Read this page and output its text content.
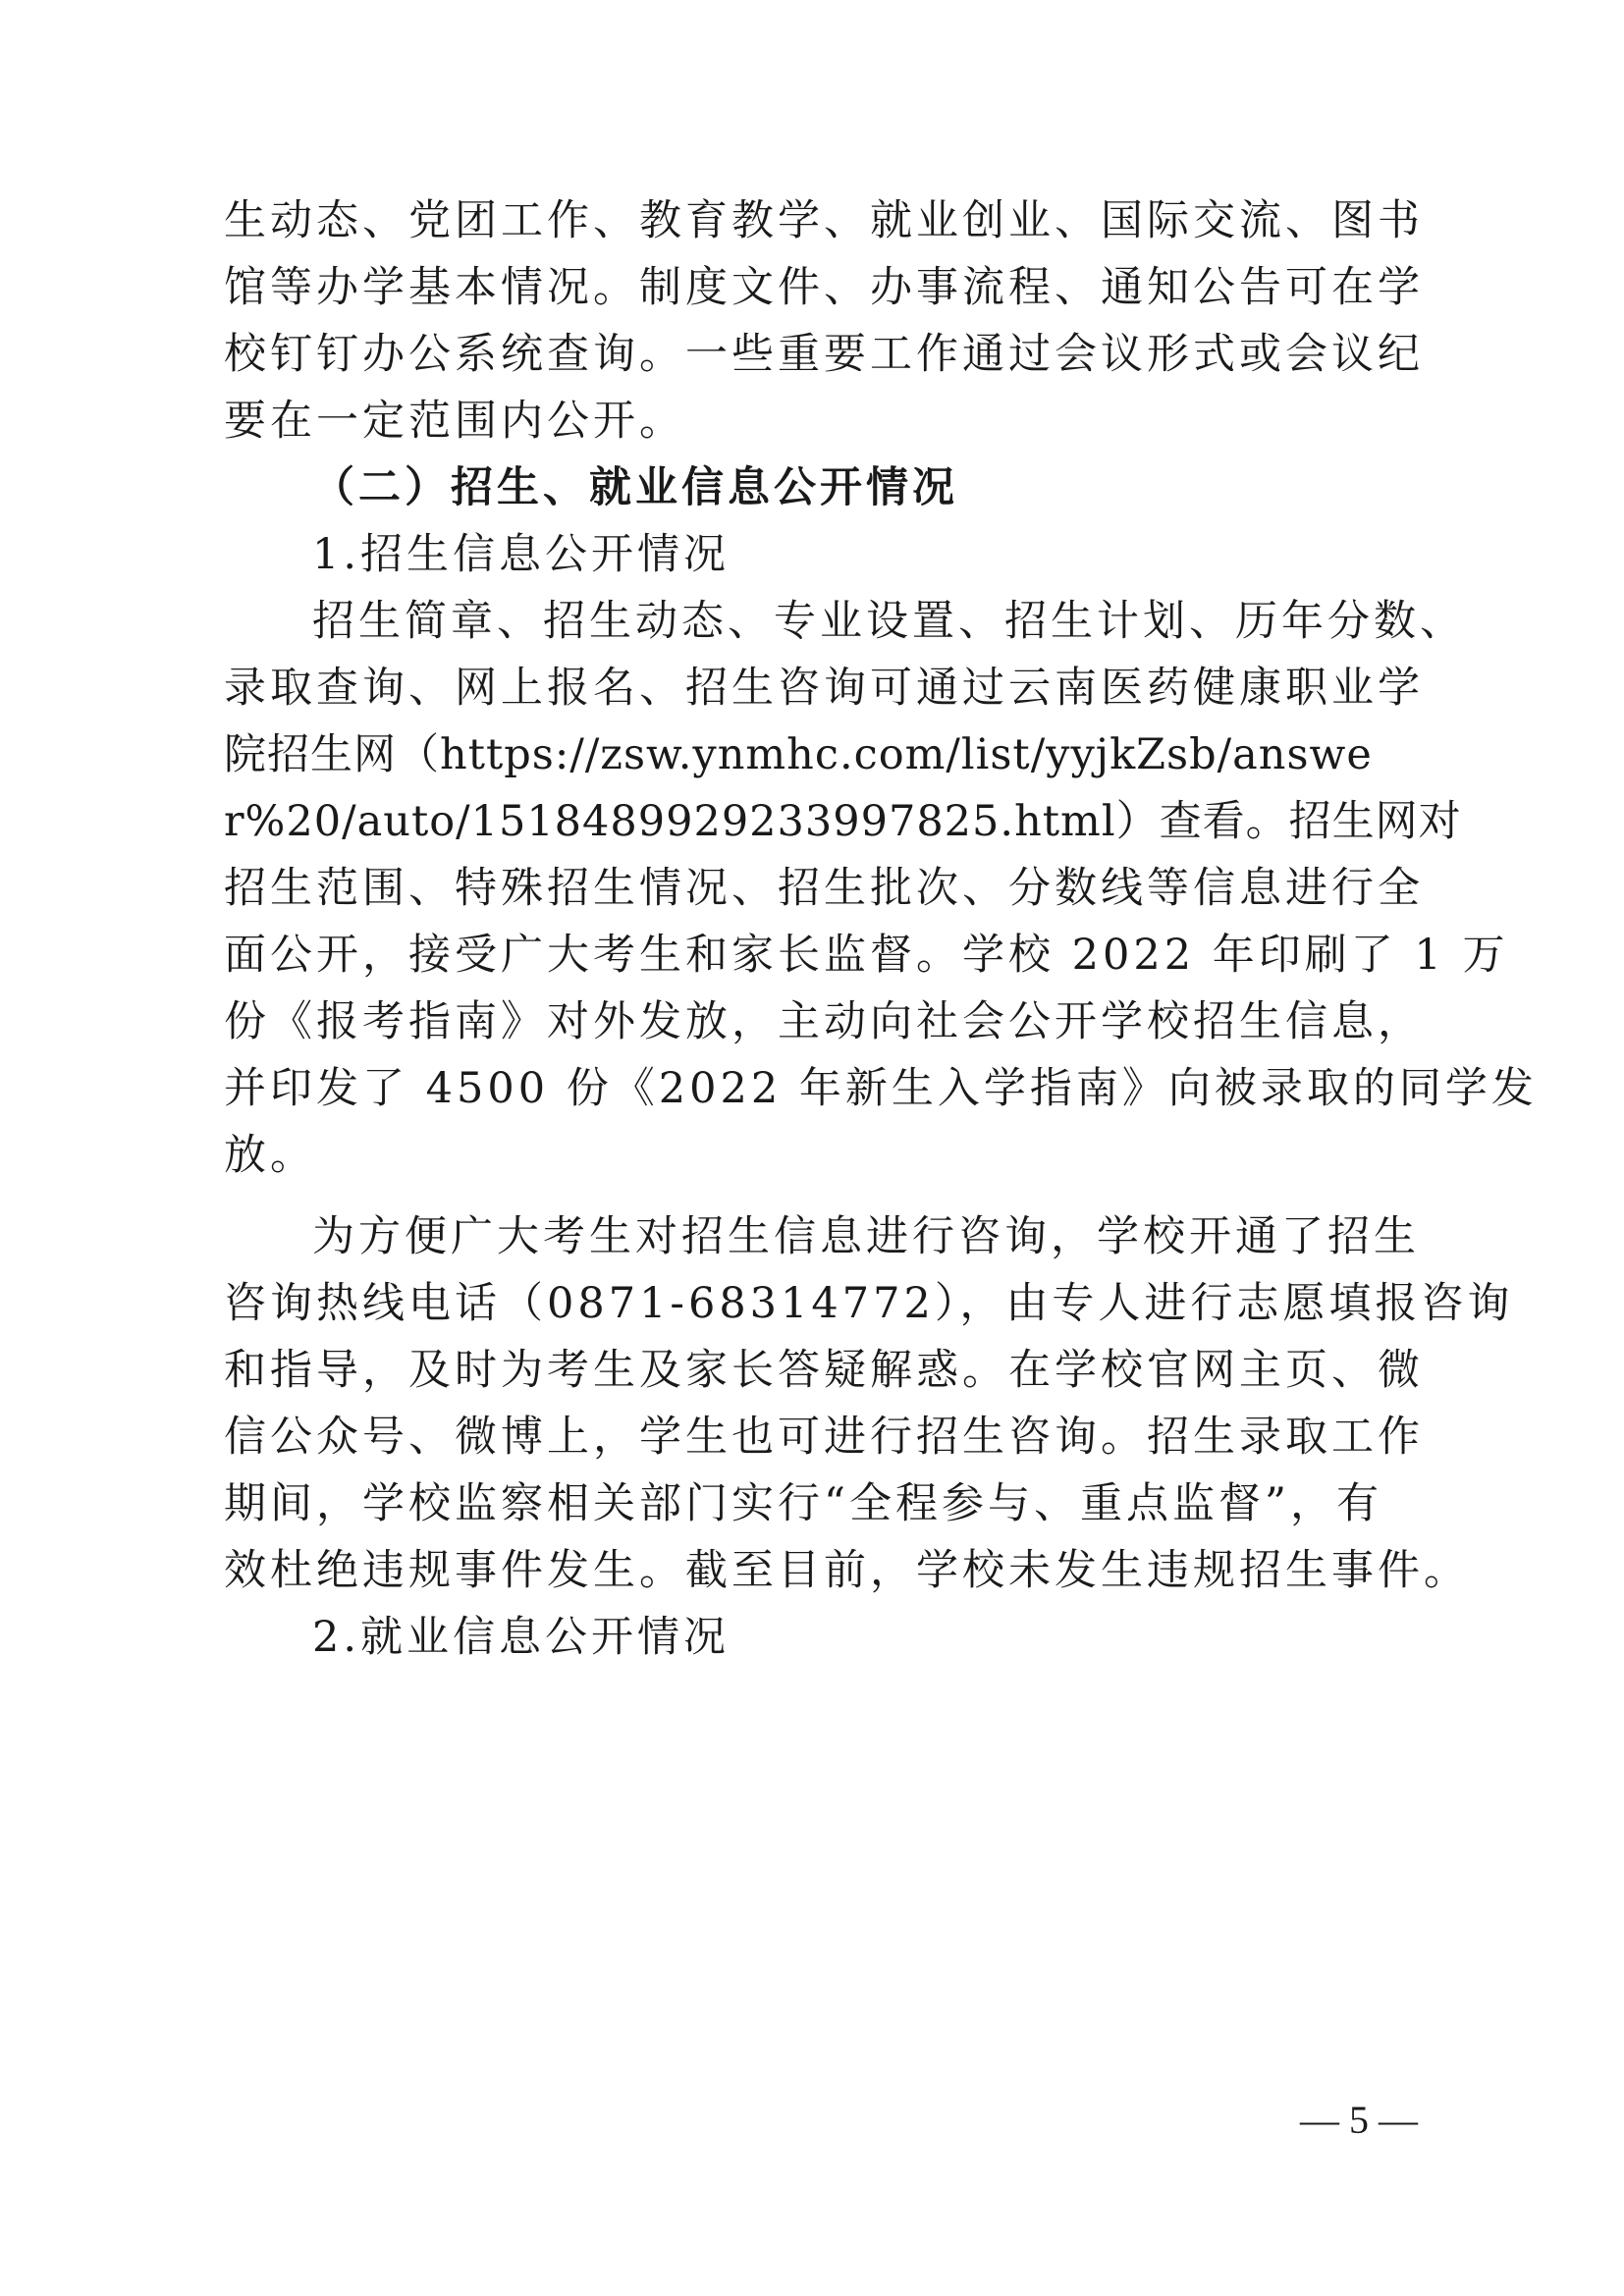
生动态、党团工作、教育教学、就业创业、国际交流、图书
馆等办学基本情况。制度文件、办事流程、通知公告可在学
校钉钉办公系统查询。一些重要工作通过会议形式或会议纪
要在一定范围内公开。
（二）招生、就业信息公开情况
1.招生信息公开情况
招生简章、招生动态、专业设置、招生计划、历年分数、
录取查询、网上报名、招生咨询可通过云南医药健康职业学
院招生网（https://zsw.ynmhc.com/list/yyjkZsb/answe
r%20/auto/1518489929233997825.html）查看。招生网对
招生范围、特殊招生情况、招生批次、分数线等信息进行全
面公开，接受广大考生和家长监督。学校 2022 年印刷了 1 万
份《报考指南》对外发放，主动向社会公开学校招生信息，
并印发了 4500 份《2022 年新生入学指南》向被录取的同学发
放。
为方便广大考生对招生信息进行咨询，学校开通了招生
咨询热线电话（0871-68314772），由专人进行志愿填报咨询
和指导，及时为考生及家长答疑解惑。在学校官网主页、微
信公众号、微博上，学生也可进行招生咨询。招生录取工作
期间，学校监察相关部门实行“全程参与、重点监督”，有
效杜绝违规事件发生。截至目前，学校未发生违规招生事件。
2.就业信息公开情况
— 5 —
